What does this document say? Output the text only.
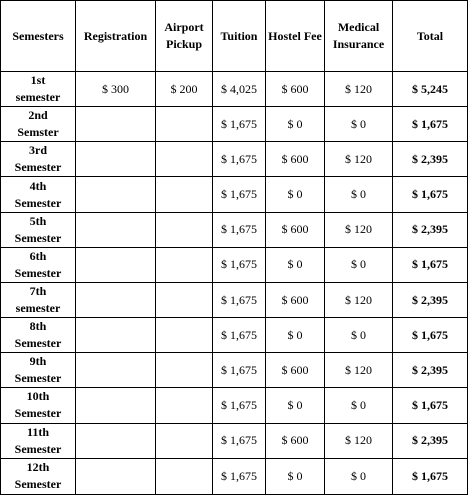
Semesters	Registration	Airport
Pickup	Tuition	Hostel Fee	Medical
Insurance	Total
1st
semester	$ 300	$ 200	$ 4,025	$ 600	$ 120	$ 5,245
2nd
Semster			$ 1,675	$ 0	$ 0	$ 1,675
3rd
Semester			$ 1,675	$ 600	$ 120	$ 2,395
4th
Semester			$ 1,675	$ 0	$ 0	$ 1,675
5th
Semester			$ 1,675	$ 600	$ 120	$ 2,395
6th
Semester			$ 1,675	$ 0	$ 0	$ 1,675
7th
semester			$ 1,675	$ 600	$ 120	$ 2,395
8th
Semester			$ 1,675	$ 0	$ 0	$ 1,675
9th
Semester			$ 1,675	$ 600	$ 120	$ 2,395
10th
Semester			$ 1,675	$ 0	$ 0	$ 1,675
11th
Semester			$ 1,675	$ 600	$ 120	$ 2,395
12th
Semester			$ 1,675	$ 0	$ 0	$ 1,675
